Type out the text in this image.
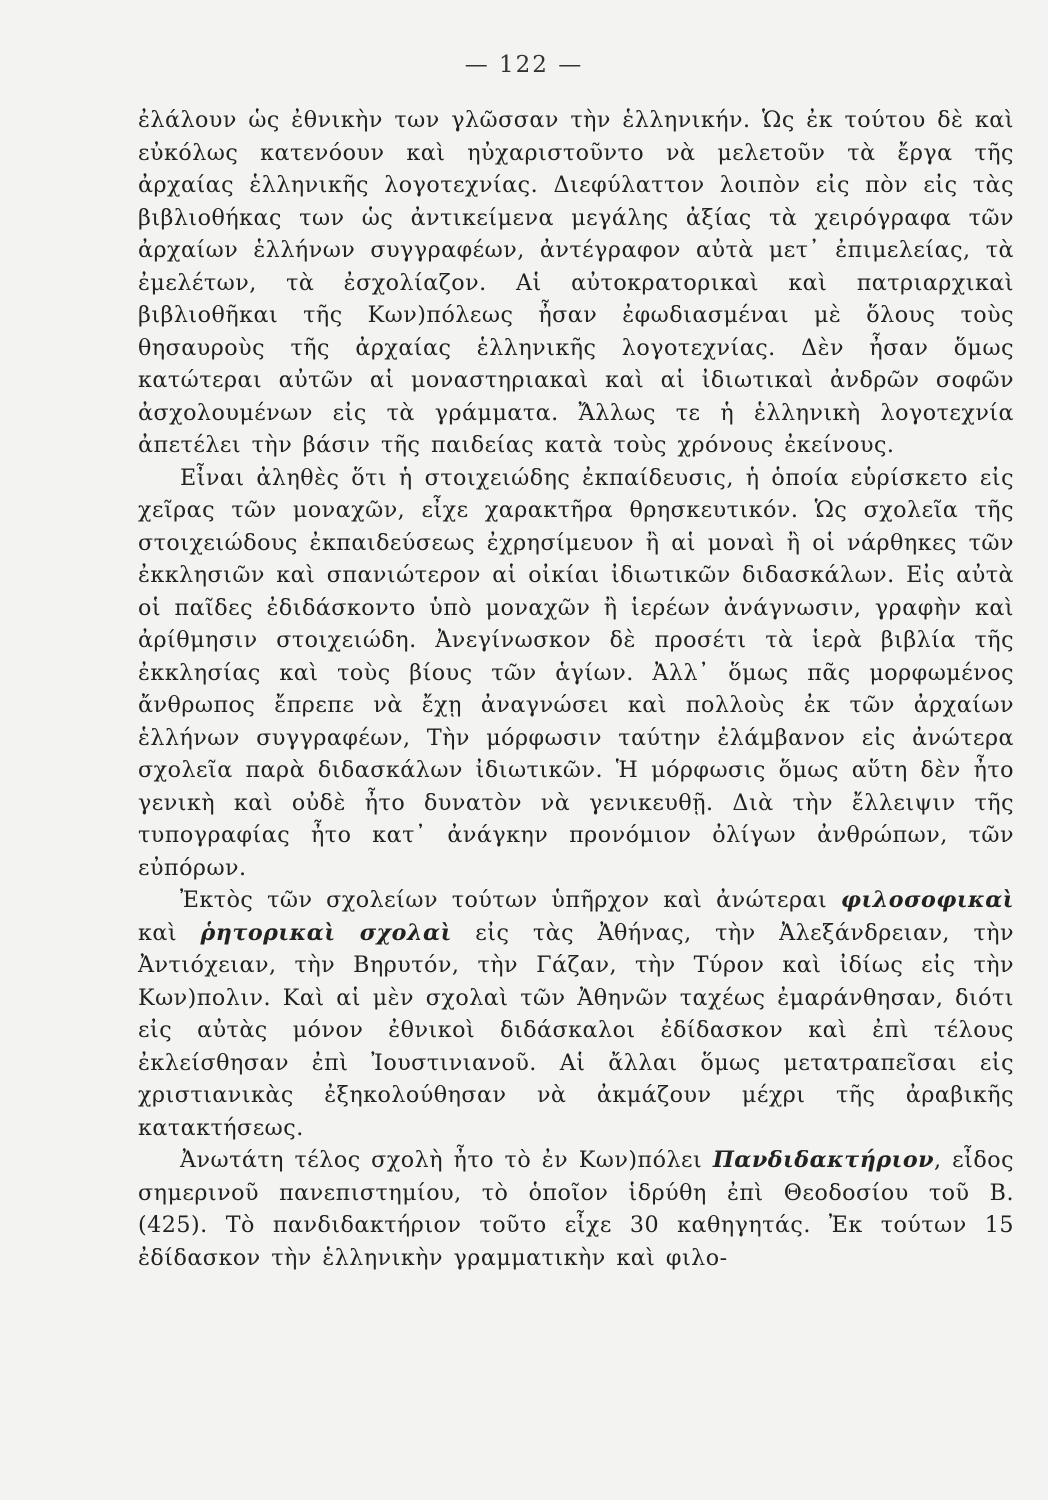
— 122 —

ἐλάλουν ὡς ἐθνικὴν των γλῶσσαν τὴν ἑλληνικήν. Ὡς ἐκ τούτου δὲ καὶ εὐκόλως κατενόουν καὶ ηὐχαριστοῦντο νὰ μελετοῦν τὰ ἔργα τῆς ἀρχαίας ἑλληνικῆς λογοτεχνίας. Διεφύλαττον λοιπὸν εἰς πὸν εἰς τὰς βιβλιοθήκας των ὡς ἀντικείμενα μεγάλης ἀξίας τὰ χειρόγραφα τῶν ἀρχαίων ἑλλήνων συγγραφέων, ἀντέγραφον αὐτὰ μετ᾽ ἐπιμελείας, τὰ ἐμελέτων, τὰ ἐσχολίαζον. Αἱ αὐτοκρατορικαὶ καὶ πατριαρχικαὶ βιβλιοθῆκαι τῆς Κων)πόλεως ἦσαν ἐφωδιασμέναι μὲ ὅλους τοὺς θησαυροὺς τῆς ἀρχαίας ἑλληνικῆς λογοτεχνίας. Δὲν ἦσαν ὅμως κατώτεραι αὐτῶν αἱ μοναστηριακαὶ καὶ αἱ ἰδιωτικαὶ ἀνδρῶν σοφῶν ἀσχολουμένων εἰς τὰ γράμματα. Ἄλλως τε ἡ ἑλληνικὴ λογοτεχνία ἀπετέλει τὴν βάσιν τῆς παιδείας κατὰ τοὺς χρόνους ἐκείνους.

Εἶναι ἀληθὲς ὅτι ἡ στοιχειώδης ἐκπαίδευσις, ἡ ὁποία εὑρίσκετο εἰς χεῖρας τῶν μοναχῶν, εἶχε χαρακτῆρα θρησκευτικόν. Ὡς σχολεῖα τῆς στοιχειώδους ἐκπαιδεύσεως ἐχρησίμευον ἢ αἱ μοναὶ ἢ οἱ νάρθηκες τῶν ἐκκλησιῶν καὶ σπανιώτερον αἱ οἰκίαι ἰδιωτικῶν διδασκάλων. Εἰς αὐτὰ οἱ παῖδες ἐδιδάσκοντο ὑπὸ μοναχῶν ἢ ἱερέων ἀνάγνωσιν, γραφὴν καὶ ἀρίθμησιν στοιχειώδη. Ἀνεγίνωσκον δὲ προσέτι τὰ ἱερὰ βιβλία τῆς ἐκκλησίας καὶ τοὺς βίους τῶν ἁγίων. Ἀλλ᾽ ὅμως πᾶς μορφωμένος ἄνθρωπος ἔπρεπε νὰ ἔχῃ ἀναγνώσει καὶ πολλοὺς ἐκ τῶν ἀρχαίων ἑλλήνων συγγραφέων, Τὴν μόρφωσιν ταύτην ἐλάμβανον εἰς ἀνώτερα σχολεῖα παρὰ διδασκάλων ἰδιωτικῶν. Ἡ μόρφωσις ὅμως αὕτη δὲν ἦτο γενικὴ καὶ οὐδὲ ἦτο δυνατὸν νὰ γενικευθῇ. Διὰ τὴν ἔλλειψιν τῆς τυπογραφίας ἦτο κατ᾽ ἀνάγκην προνόμιον ὀλίγων ἀνθρώπων, τῶν εὐπόρων.

Ἐκτὸς τῶν σχολείων τούτων ὑπῆρχον καὶ ἀνώτεραι φιλοσοφικαὶ καὶ ῥητορικαὶ σχολαὶ εἰς τὰς Ἀθήνας, τὴν Ἀλεξάνδρειαν, τὴν Ἀντιόχειαν, τὴν Βηρυτόν, τὴν Γάζαν, τὴν Τύρον καὶ ἰδίως εἰς τὴν Κων)πολιν. Καὶ αἱ μὲν σχολαὶ τῶν Ἀθηνῶν ταχέως ἐμαράνθησαν, διότι εἰς αὐτὰς μόνον ἐθνικοὶ διδάσκαλοι ἐδίδασκον καὶ ἐπὶ τέλους ἐκλείσθησαν ἐπὶ Ἰουστινιανοῦ. Αἱ ἄλλαι ὅμως μετατραπεῖσαι εἰς χριστιανικὰς ἐξηκολούθησαν νὰ ἀκμάζουν μέχρι τῆς ἀραβικῆς κατακτήσεως.

Ἀνωτάτη τέλος σχολὴ ἦτο τὸ ἐν Κων)πόλει Πανδιδακτήριον, εἶδος σημερινοῦ πανεπιστημίου, τὸ ὁποῖον ἱδρύθη ἐπὶ Θεοδοσίου τοῦ Β. (425). Τὸ πανδιδακτήριον τοῦτο εἶχε 30 καθηγητάς. Ἐκ τούτων 15 ἐδίδασκον τὴν ἑλληνικὴν γραμματικὴν καὶ φιλο-
